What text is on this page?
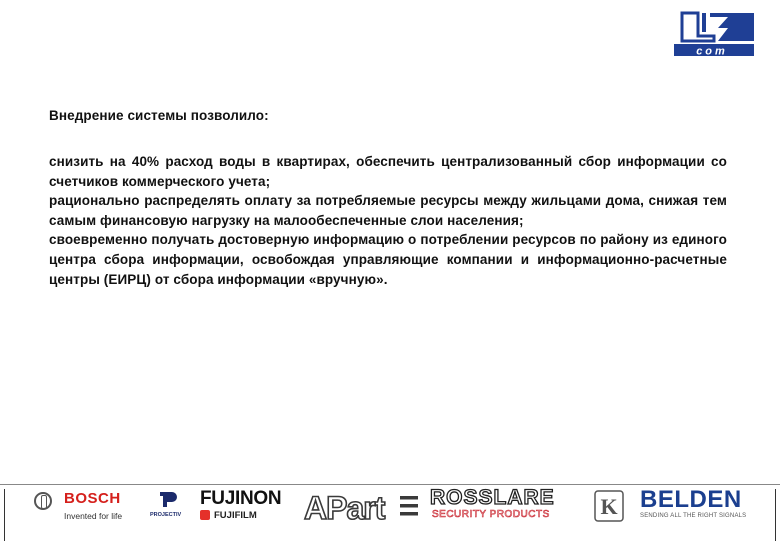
com
Внедрение системы позволило:

снизить на 40% расход воды в квартирах, обеспечить централизованный сбор информации со счетчиков коммерческого учета;

рационально распределять оплату за потребляемые ресурсы между жильцами дома, снижая тем самым финансовую нагрузку на малообеспеченные слои населения;

своевременно получать достоверную информацию о потреблении ресурсов по району из единого центра сбора информации, освобождая управляющие компании и информационно-расчетные центры (ЕИРЦ) от сбора информации «вручную».

BOSCH
Invented for life	PROJECTIV
FUJINON
FUJIFILM APart ROSSLARE
SECURITY PRODUCTS K BELDEN
SENDING ALL THE RIGHT SIGNALS
